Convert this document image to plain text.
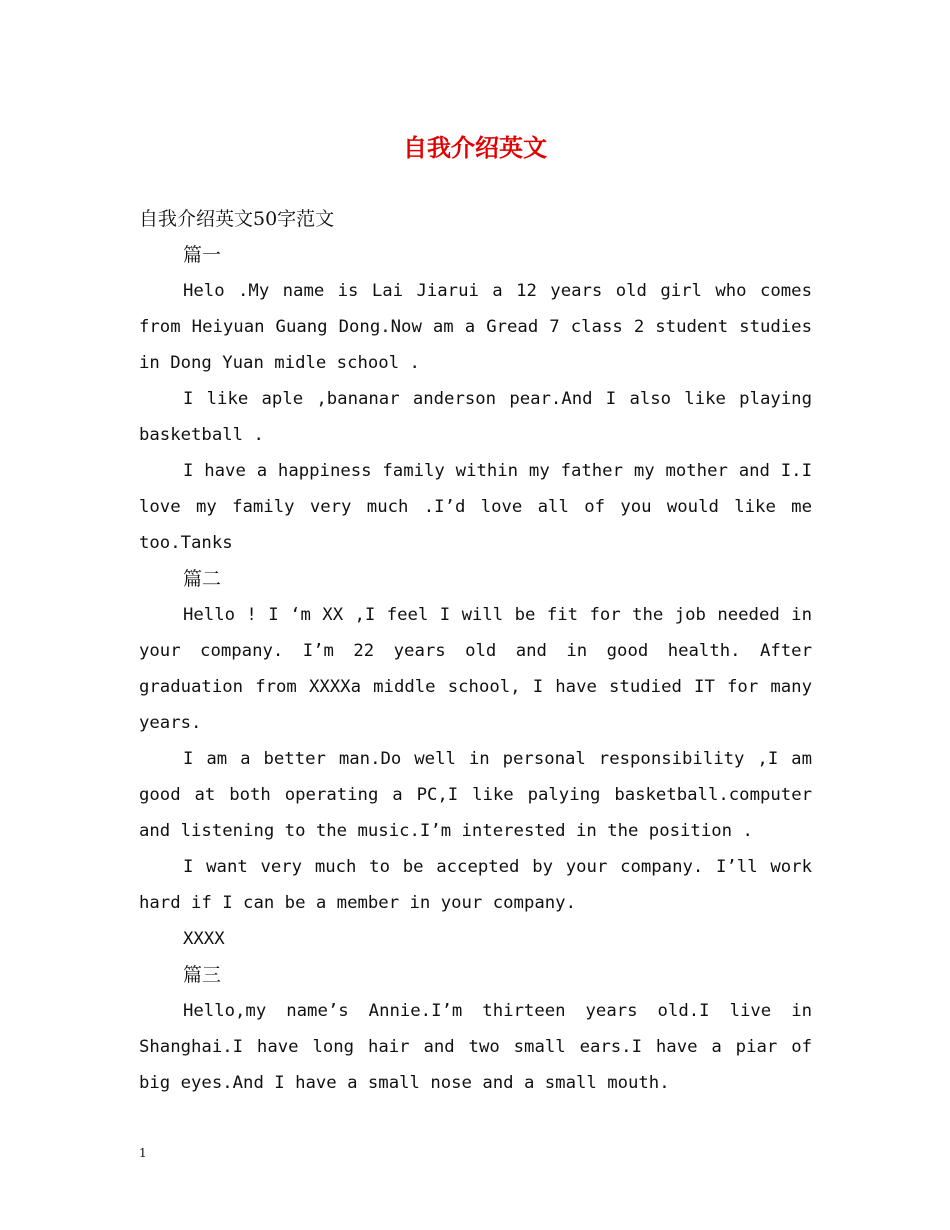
自我介绍英文

自我介绍英文50字范文

篇一

Helo .My name is Lai Jiarui a 12 years old girl who comes from Heiyuan Guang Dong.Now am a Gread 7 class 2 student studies in Dong Yuan midle school .

I like aple ,bananar anderson pear.And I also like playing basketball .

I have a happiness family within my father my mother and I.I love my family very much .I’d love all of you would like me too.Tanks

篇二

Hello ! I ‘m XX ,I feel I will be fit for the job needed in your company. I’m 22 years old and in good health. After graduation from XXXXa middle school, I have studied IT for many years.

I am a better man.Do well in personal responsibility ,I am good at both operating a PC,I like palying basketball.computer and listening to the music.I’m interested in the position .

I want very much to be accepted by your company. I’ll work hard if I can be a member in your company.

XXXX

篇三

Hello,my name’s Annie.I’m thirteen years old.I live in Shanghai.I have long hair and two small ears.I have a piar of big eyes.And I have a small nose and a small mouth.

1
